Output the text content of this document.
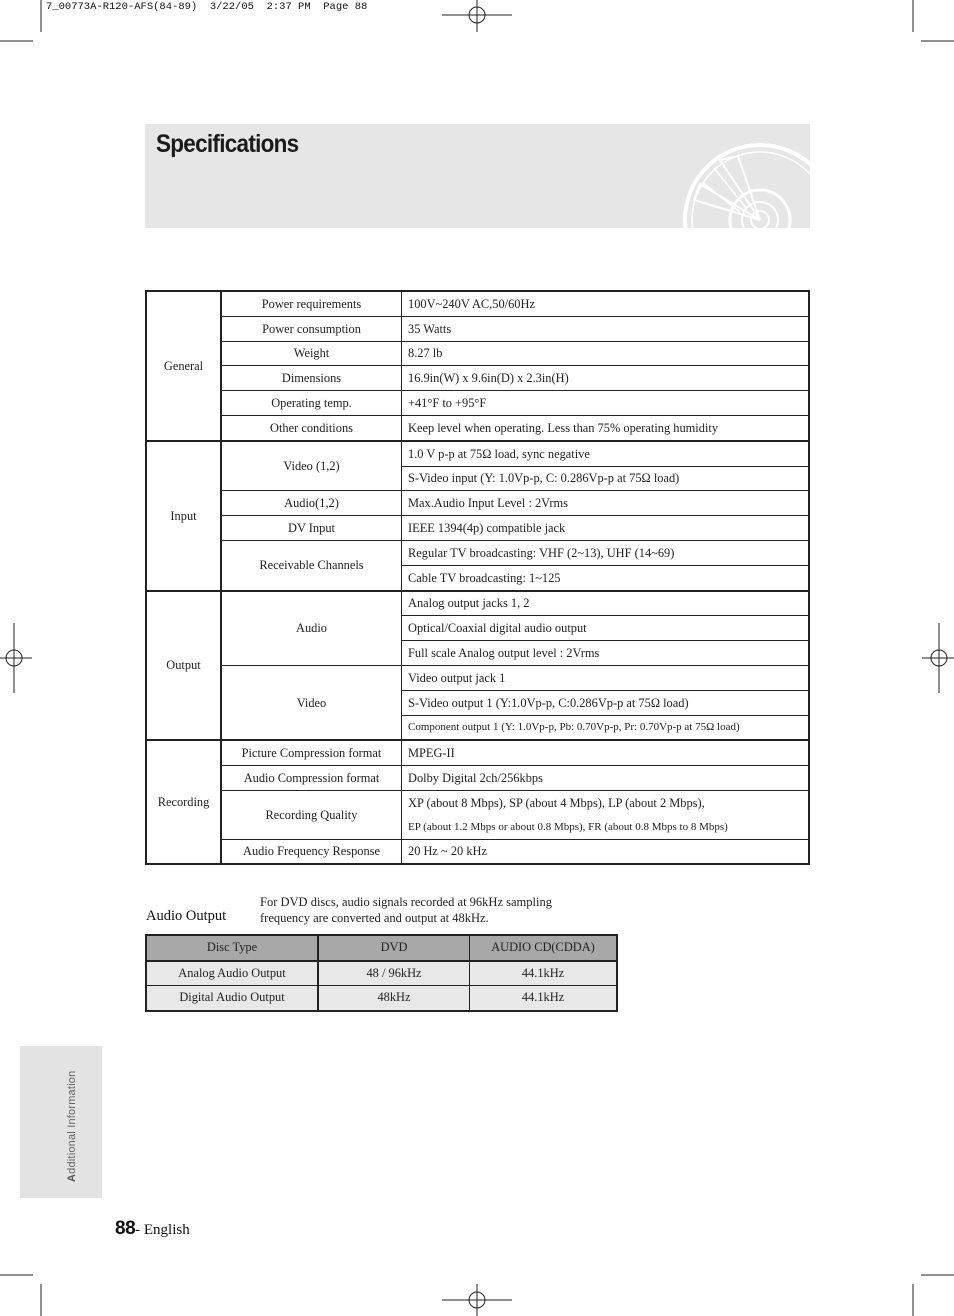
7_00773A-R120-AFS(84-89)  3/22/05  2:37 PM  Page 88
Specifications
General	Power requirements	100V~240V AC,50/60Hz
	Power consumption	35 Watts
	Weight	8.27 lb
	Dimensions	16.9in(W) x 9.6in(D) x 2.3in(H)
	Operating temp.	+41°F to +95°F
	Other conditions	Keep level when operating. Less than 75% operating humidity
Input	Video (1,2)	1.0 V p-p at 75Ω load, sync negative
		S-Video input (Y: 1.0Vp-p, C: 0.286Vp-p at 75Ω load)
	Audio(1,2)	Max.Audio Input Level : 2Vrms
	DV Input	IEEE 1394(4p) compatible jack
	Receivable Channels	Regular TV broadcasting: VHF (2~13), UHF (14~69)
		Cable TV broadcasting: 1~125
Output	Audio	Analog output jacks 1, 2
		Optical/Coaxial digital audio output
		Full scale Analog output level : 2Vrms
	Video	Video output jack 1
		S-Video output 1 (Y:1.0Vp-p, C:0.286Vp-p at 75Ω load)
		Component output 1 (Y: 1.0Vp-p, Pb: 0.70Vp-p, Pr: 0.70Vp-p at 75Ω load)
Recording	Picture Compression format	MPEG-II
	Audio Compression format	Dolby Digital 2ch/256kbps
	Recording Quality	XP (about 8 Mbps), SP (about 4 Mbps), LP (about 2 Mbps),
		EP (about 1.2 Mbps or about 0.8 Mbps), FR (about 0.8 Mbps to 8 Mbps)
	Audio Frequency Response	20 Hz ~ 20 kHz
Audio Output

For DVD discs, audio signals recorded at 96kHz sampling frequency are converted and output at 48kHz.

Disc Type	DVD	AUDIO CD(CDDA)
Analog Audio Output	48 / 96kHz	44.1kHz
Digital Audio Output	48kHz	44.1kHz
Additional Information
88- English
